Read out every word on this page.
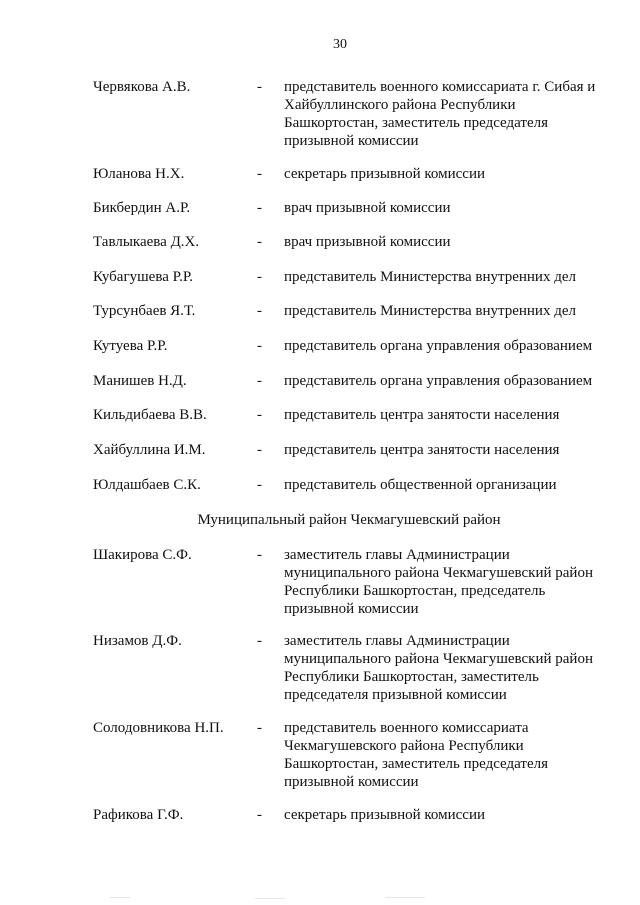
30
Червякова А.В.	- представитель военного комиссариата г. Сибая и
Хайбуллинского района Республики
Башкортостан, заместитель председателя
призывной комиссии
Юланова Н.Х.	- секретарь призывной комиссии
Бикбердин А.Р.	- врач призывной комиссии
Тавлыкаева Д.Х.	- врач призывной комиссии
Кубагушева Р.Р.	- представитель Министерства внутренних дел
Турсунбаев Я.Т.	- представитель Министерства внутренних дел
Кутуева Р.Р.	- представитель органа управления образованием
Манишев Н.Д.	- представитель органа управления образованием
Кильдибаева В.В.	- представитель центра занятости населения
Хайбуллина И.М.	- представитель центра занятости населения
Юлдашбаев С.К.	- представитель общественной организации
Муниципальный район Чекмагушевский район
Шакирова С.Ф.	- заместитель главы Администрации
муниципального района Чекмагушевский район
Республики Башкортостан, председатель
призывной комиссии
Низамов Д.Ф.	- заместитель главы Администрации
муниципального района Чекмагушевский район
Республики Башкортостан, заместитель
председателя призывной комиссии
Солодовникова Н.П. - представитель военного комиссариата
Чекмагушевского района Республики
Башкортостан, заместитель председателя
призывной комиссии
Рафикова Г.Ф.	- секретарь призывной комиссии
